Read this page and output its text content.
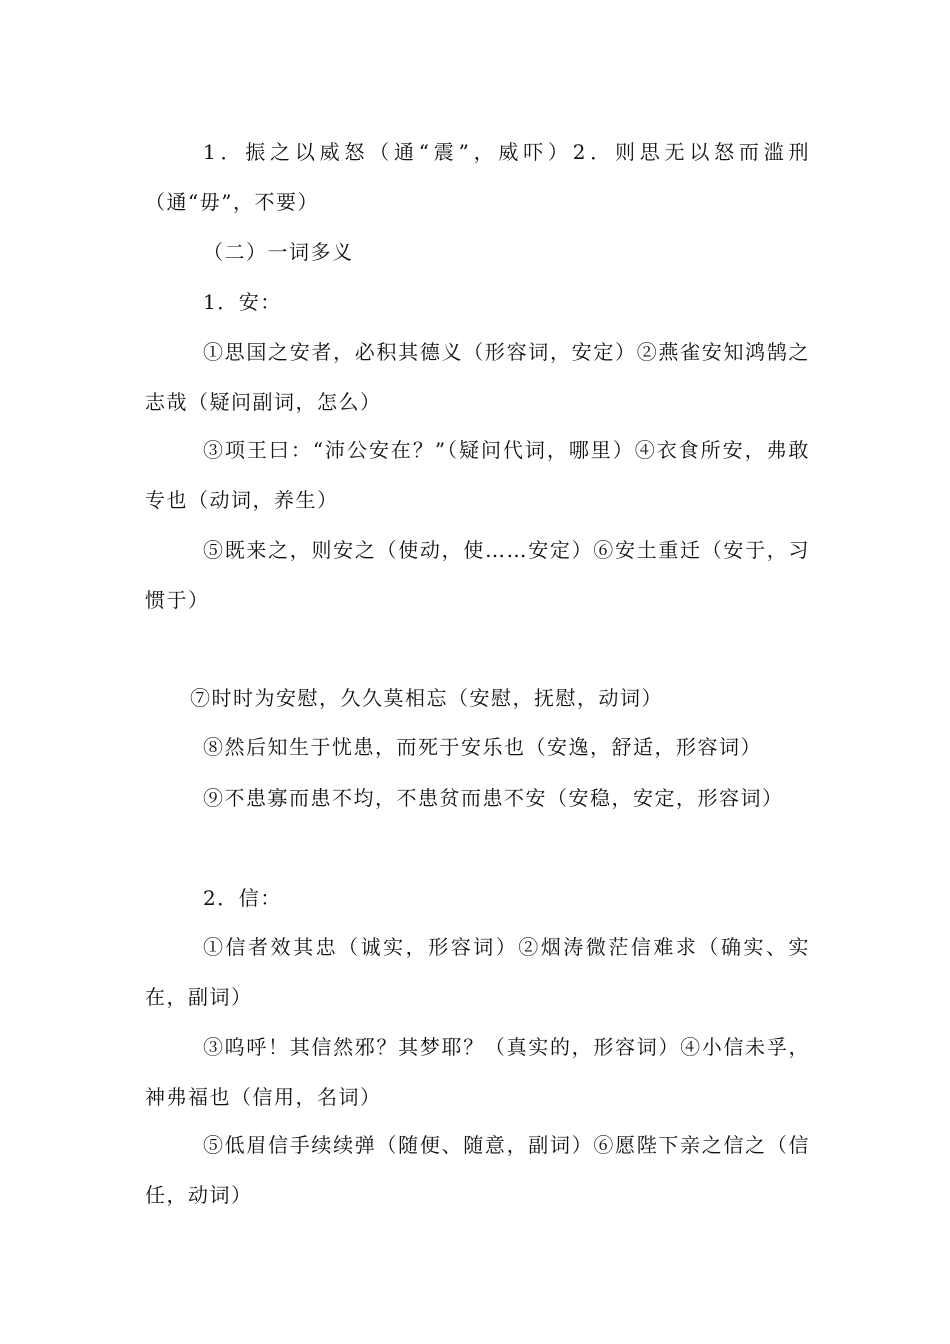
1．振之以威怒（通“震”，威吓）2．则思无以怒而滥刑（通“毋”，不要）

（二）一词多义

1．安：

①思国之安者，必积其德义（形容词，安定）②燕雀安知鸿鹄之志哉（疑问副词，怎么）

③项王曰：“沛公安在？”（疑问代词，哪里）④衣食所安，弗敢专也（动词，养生）

⑤既来之，则安之（使动，使……安定）⑥安土重迁（安于，习惯于）

⑦时时为安慰，久久莫相忘（安慰，抚慰，动词）

⑧然后知生于忧患，而死于安乐也（安逸，舒适，形容词）

⑨不患寡而患不均，不患贫而患不安（安稳，安定，形容词）

2．信：

①信者效其忠（诚实，形容词）②烟涛微茫信难求（确实、实在，副词）

③呜呼！其信然邪？其梦耶？（真实的，形容词）④小信未孚，神弗福也（信用，名词）

⑤低眉信手续续弹（随便、随意，副词）⑥愿陛下亲之信之（信任，动词）
